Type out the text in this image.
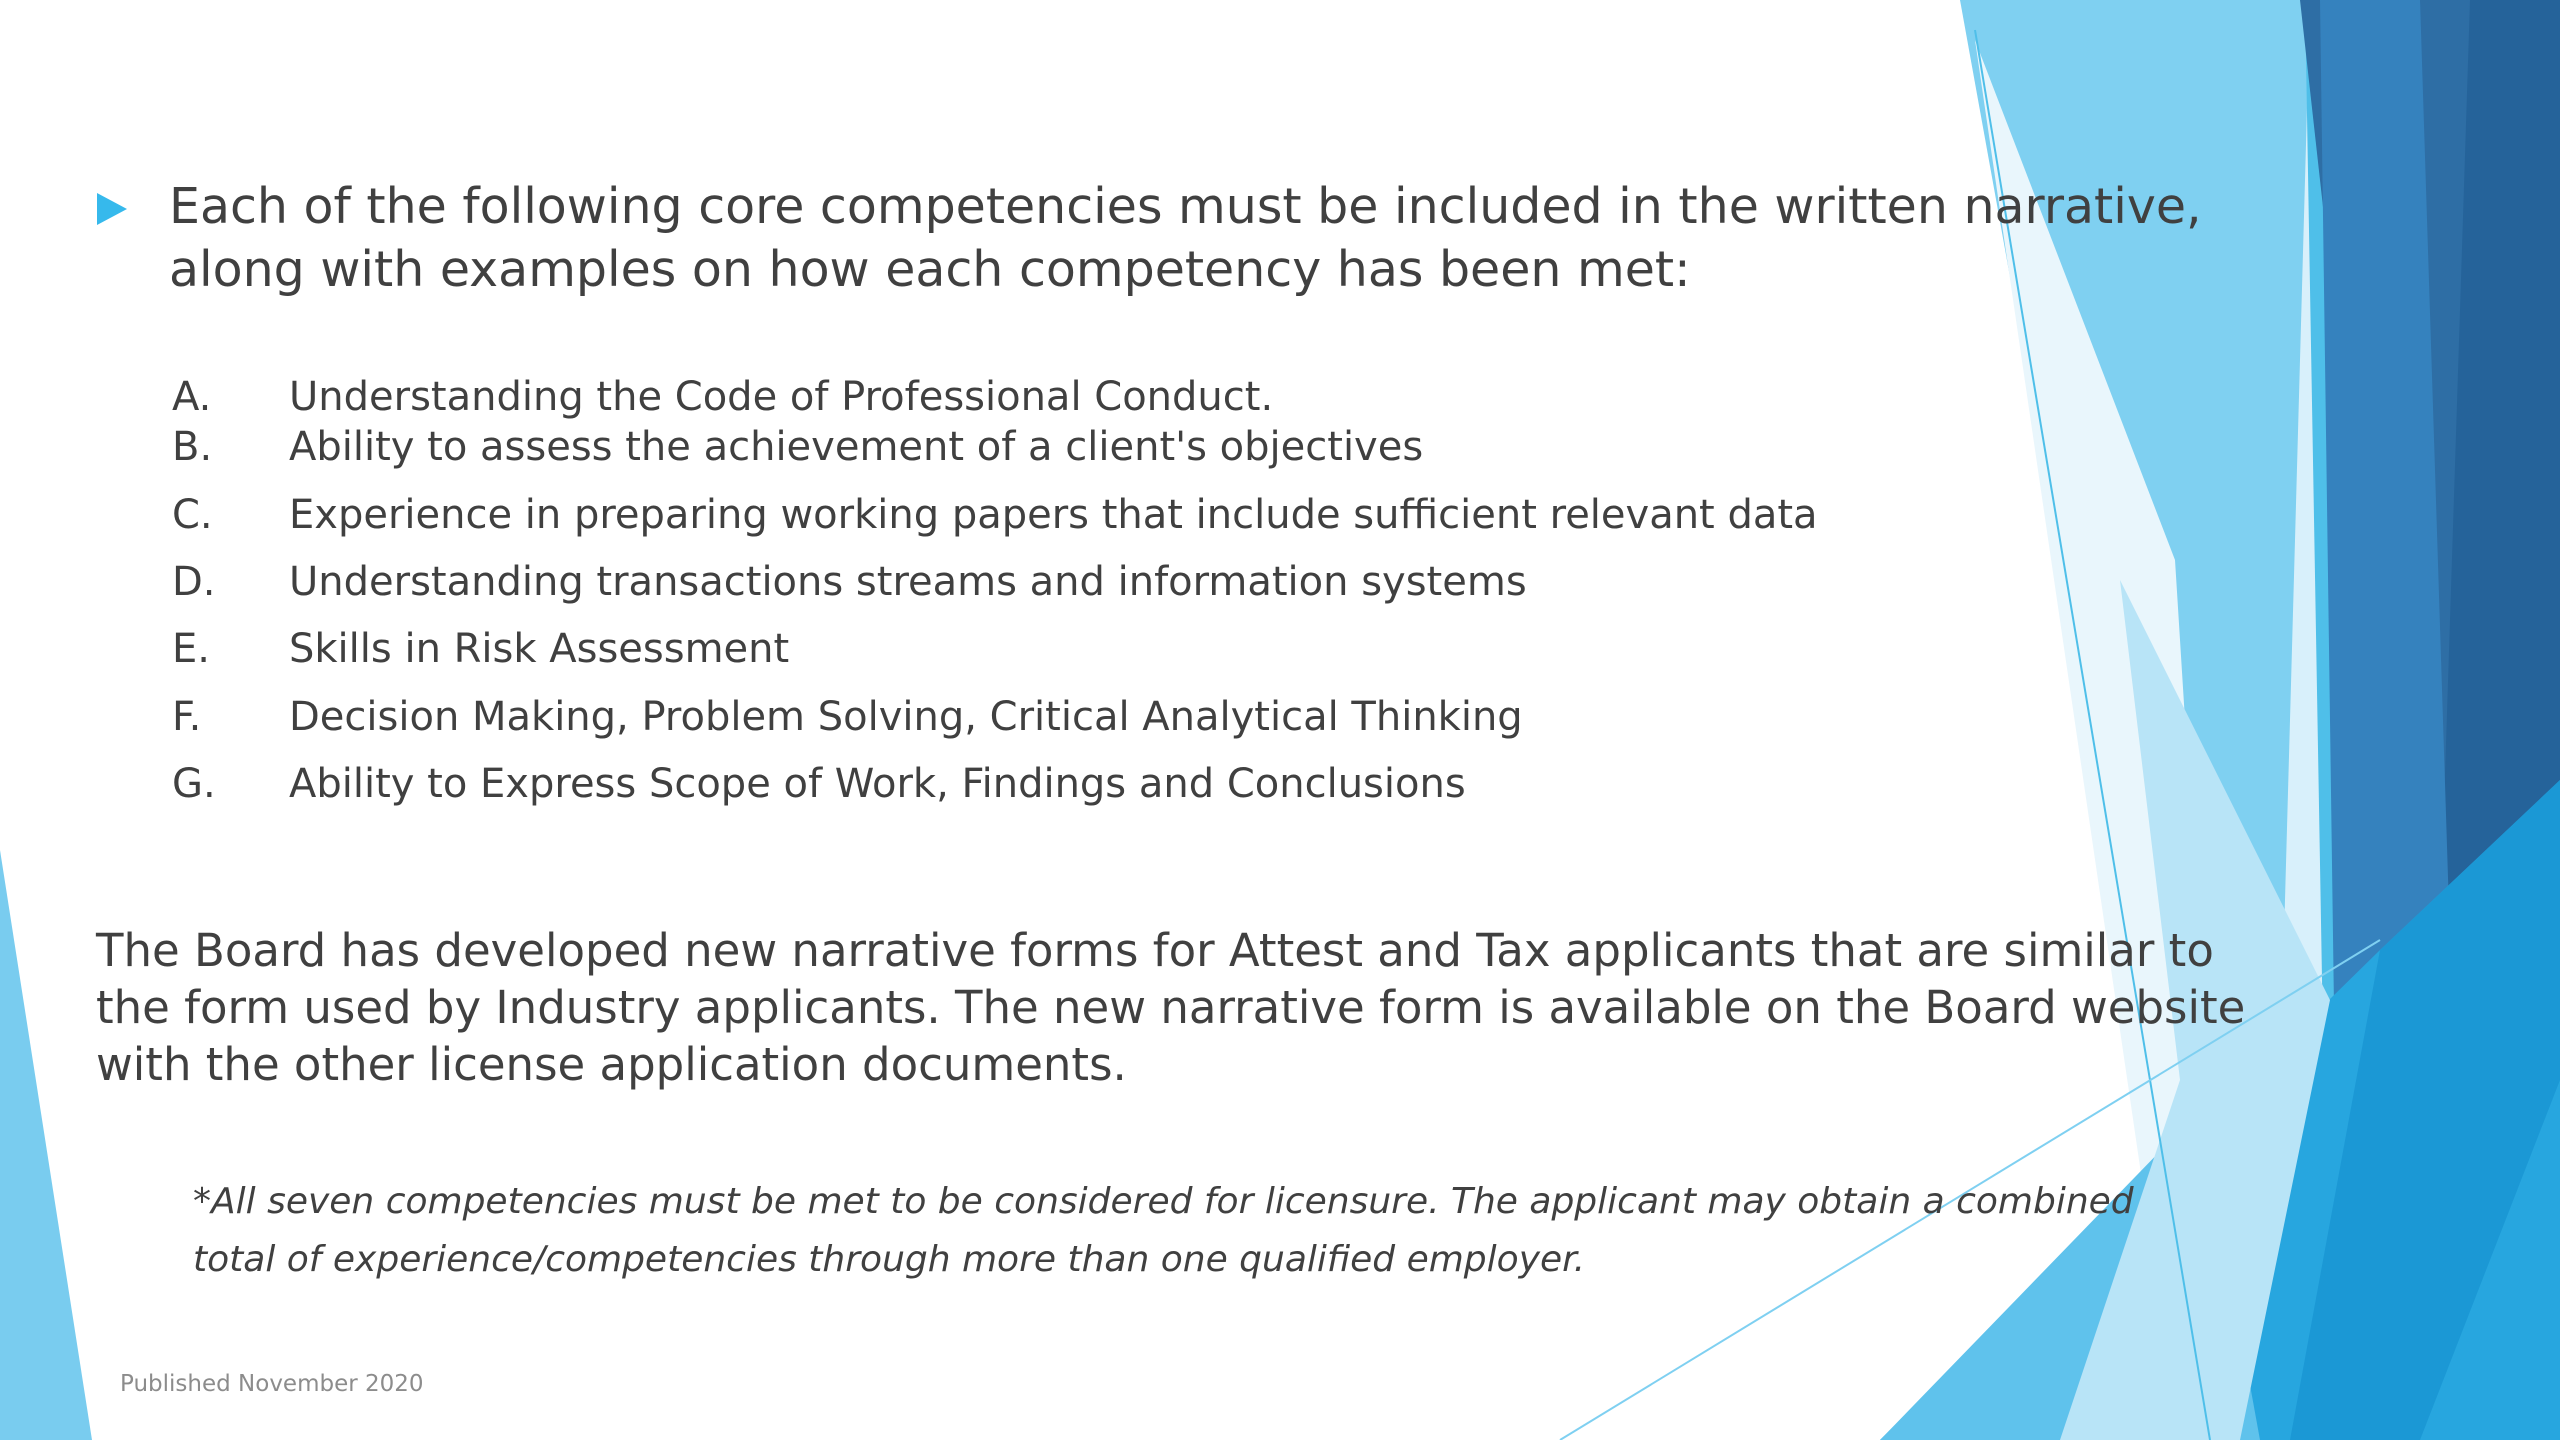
Each of the following core competencies must be included in the written narrative, along with examples on how each competency has been met:
A. Understanding the Code of Professional Conduct.
B. Ability to assess the achievement of a client's objectives
C. Experience in preparing working papers that include sufficient relevant data
D. Understanding transactions streams and information systems
E. Skills in Risk Assessment
F. Decision Making, Problem Solving, Critical Analytical Thinking
G. Ability to Express Scope of Work, Findings and Conclusions
The Board has developed new narrative forms for Attest and Tax applicants that are similar to the form used by Industry applicants. The new narrative form is available on the Board website with the other license application documents.
*All seven competencies must be met to be considered for licensure. The applicant may obtain a combined total of experience/competencies through more than one qualified employer.
Published November 2020
